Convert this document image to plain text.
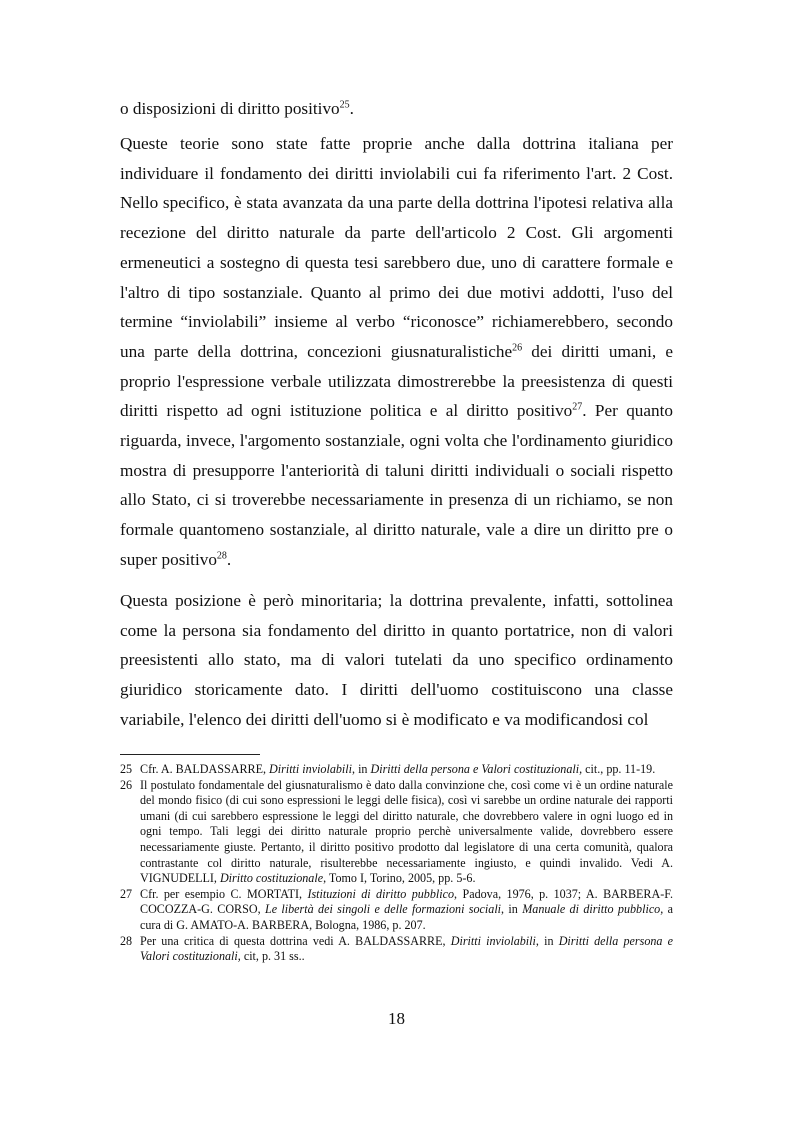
o disposizioni di diritto positivo$^{25}$.

Queste teorie sono state fatte proprie anche dalla dottrina italiana per individuare il fondamento dei diritti inviolabili cui fa riferimento l'art. 2 Cost. Nello specifico, è stata avanzata da una parte della dottrina l'ipotesi relativa alla recezione del diritto naturale da parte dell'articolo 2 Cost. Gli argomenti ermeneutici a sostegno di questa tesi sarebbero due, uno di carattere formale e l'altro di tipo sostanziale. Quanto al primo dei due motivi addotti, l'uso del termine “inviolabili” insieme al verbo “riconosce” richiamerebbero, secondo una parte della dottrina, concezioni giusnaturalistiche$^{26}$ dei diritti umani, e proprio l'espressione verbale utilizzata dimostrerebbe la preesistenza di questi diritti rispetto ad ogni istituzione politica e al diritto positivo$^{27}$. Per quanto riguarda, invece, l'argomento sostanziale, ogni volta che l'ordinamento giuridico mostra di presupporre l'anteriorità di taluni diritti individuali o sociali rispetto allo Stato, ci si troverebbe necessariamente in presenza di un richiamo, se non formale quantomeno sostanziale, al diritto naturale, vale a dire un diritto pre o super positivo$^{28}$.

Questa posizione è però minoritaria; la dottrina prevalente, infatti, sottolinea come la persona sia fondamento del diritto in quanto portatrice, non di valori preesistenti allo stato, ma di valori tutelati da uno specifico ordinamento giuridico storicamente dato. I diritti dell'uomo costituiscono una classe variabile, l'elenco dei diritti dell'uomo si è modificato e va modificandosi col

25 Cfr. A. BALDASSARRE, Diritti inviolabili, in Diritti della persona e Valori costituzionali, cit., pp. 11-19.
26 Il postulato fondamentale del giusnaturalismo è dato dalla convinzione che, così come vi è un ordine naturale del mondo fisico (di cui sono espressioni le leggi delle fisica), così vi sarebbe un ordine naturale dei rapporti umani (di cui sarebbero espressione le leggi del diritto naturale, che dovrebbero valere in ogni luogo ed in ogni tempo. Tali leggi dei diritto naturale proprio perchè universalmente valide, dovrebbero essere necessariamente giuste. Pertanto, il diritto positivo prodotto dal legislatore di una certa comunità, qualora contrastante col diritto naturale, risulterebbe necessariamente ingiusto, e quindi invalido. Vedi A. VIGNUDELLI, Diritto costituzionale, Tomo I, Torino, 2005, pp. 5-6.
27 Cfr. per esempio C. MORTATI, Istituzioni di diritto pubblico, Padova, 1976, p. 1037; A. BARBERA-F. COCOZZA-G. CORSO, Le libertà dei singoli e delle formazioni sociali, in Manuale di diritto pubblico, a cura di G. AMATO-A. BARBERA, Bologna, 1986, p. 207.
28 Per una critica di questa dottrina vedi A. BALDASSARRE, Diritti inviolabili, in Diritti della persona e Valori costituzionali, cit, p. 31 ss..
18
